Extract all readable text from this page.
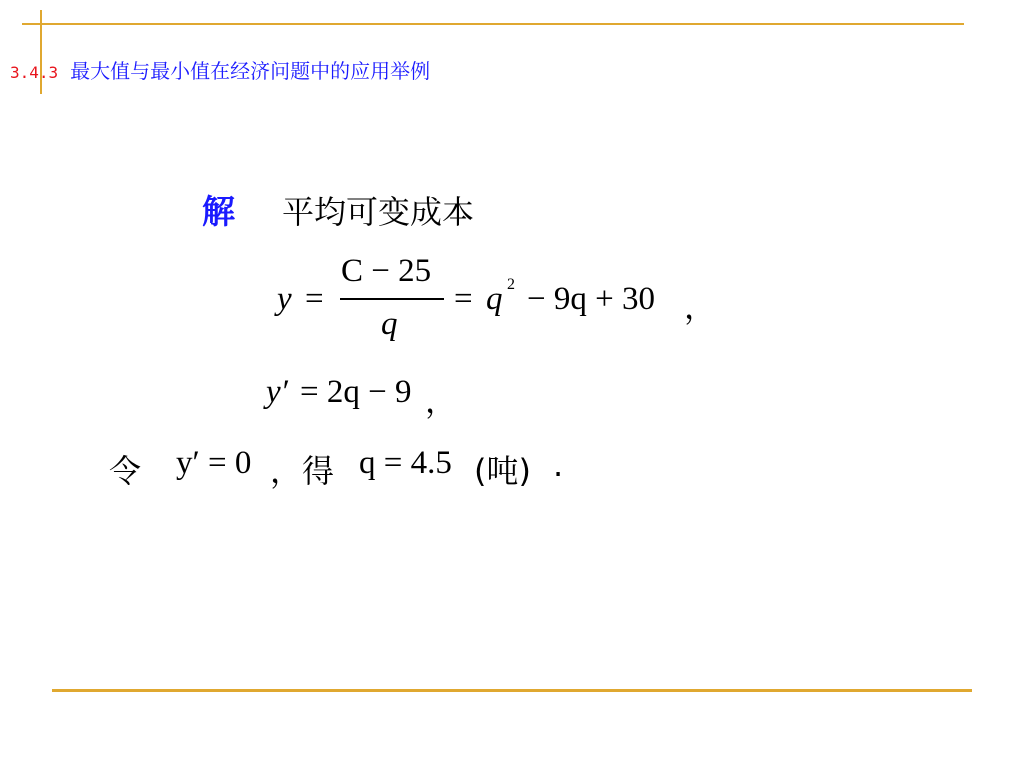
3.4.3 最大值与最小值在经济问题中的应用举例
解 平均可变成本
y =
C − 25
q
= q 2 − 9q + 30 ，
y′ = 2q − 9 ，
令 y′ = 0 ，得 q = 4.5 (吨) .
